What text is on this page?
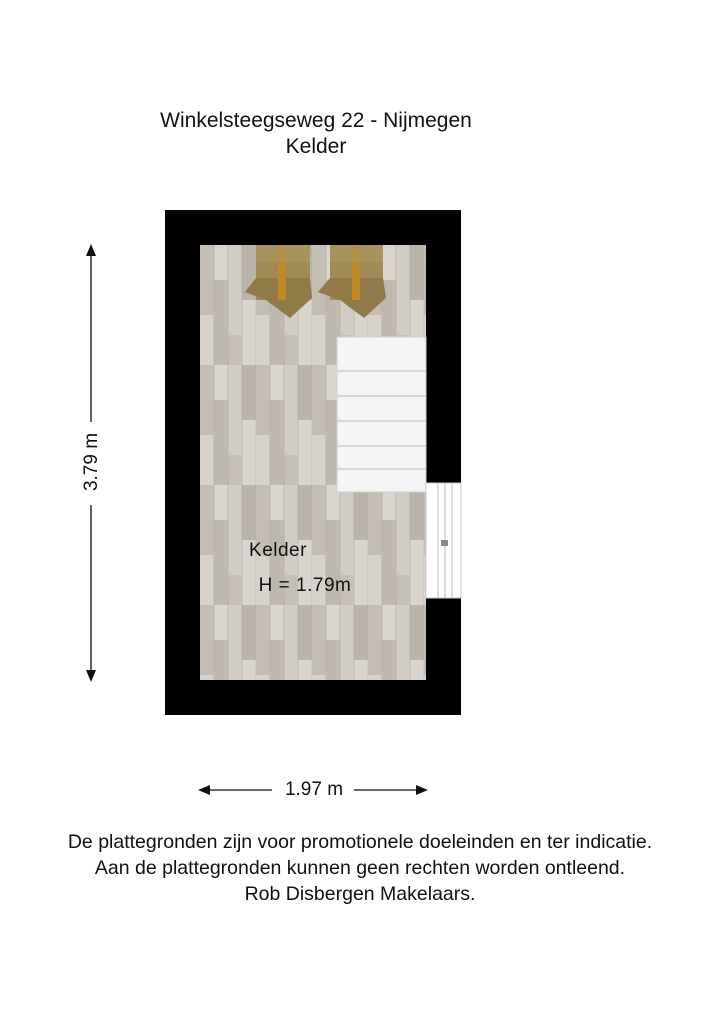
Winkelsteegseweg 22 - Nijmegen
Kelder
Kelder
H = 1.79m
1.97 m
3.79 m
De plattegronden zijn voor promotionele doeleinden en ter indicatie.
Aan de plattegronden kunnen geen rechten worden ontleend.
Rob Disbergen Makelaars.
